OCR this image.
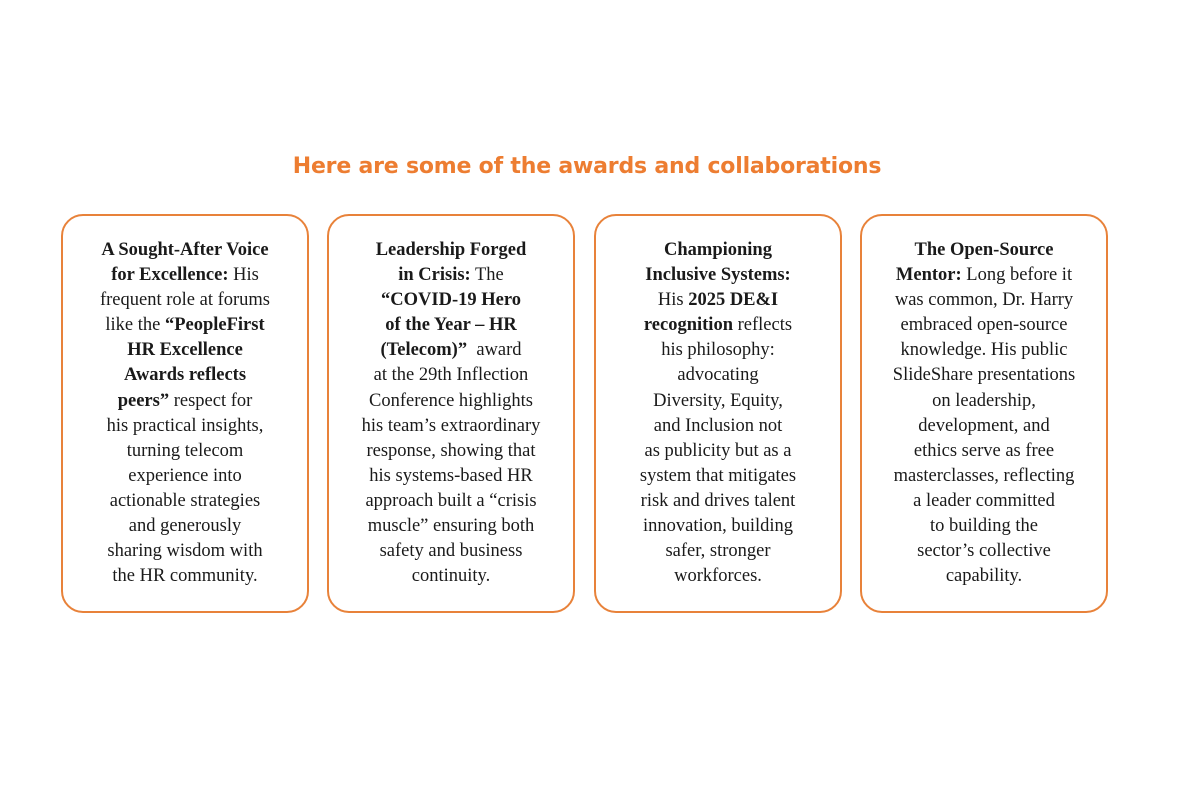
Here are some of the awards and collaborations
A Sought-After Voice
for Excellence: His
frequent role at forums
like the “PeopleFirst
HR Excellence
Awards reflects
peers” respect for
his practical insights,
turning telecom
experience into
actionable strategies
and generously
sharing wisdom with
the HR community.
Leadership Forged
in Crisis: The
“COVID-19 Hero
of the Year – HR
(Telecom)”  award
at the 29th Inflection
Conference highlights
his team’s extraordinary
response, showing that
his systems-based HR
approach built a “crisis
muscle” ensuring both
safety and business
continuity.
Championing
Inclusive Systems:
His 2025 DE&I
recognition reflects
his philosophy:
advocating
Diversity, Equity,
and Inclusion not
as publicity but as a
system that mitigates
risk and drives talent
innovation, building
safer, stronger
workforces.
The Open-Source
Mentor: Long before it
was common, Dr. Harry
embraced open-source
knowledge. His public
SlideShare presentations
on leadership,
development, and
ethics serve as free
masterclasses, reflecting
a leader committed
to building the
sector’s collective
capability.
